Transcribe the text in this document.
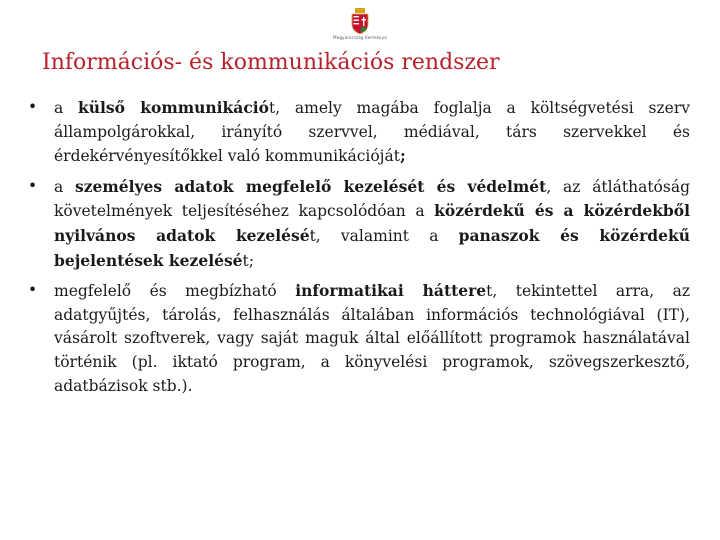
Magyarország Kormánya
Információs- és kommunikációs rendszer
• a külső kommunikációt, amely magába foglalja a költségvetési szerv állampolgárokkal, irányító szervvel, médiával, társ szervekkel és érdekérvényesítőkkel való kommunikációját;
• a személyes adatok megfelelő kezelését és védelmét, az átláthatóság követelmények teljesítéséhez kapcsolódóan a közérdekű és a közérdekből nyilvános adatok kezelését, valamint a panaszok és közérdekű bejelentések kezelését;
• megfelelő és megbízható informatikai hátteret, tekintettel arra, az adatgyűjtés, tárolás, felhasználás általában információs technológiával (IT), vásárolt szoftverek, vagy saját maguk által előállított programok használatával történik (pl. iktató program, a könyvelési programok, szövegszerkesztő, adatbázisok stb.).
